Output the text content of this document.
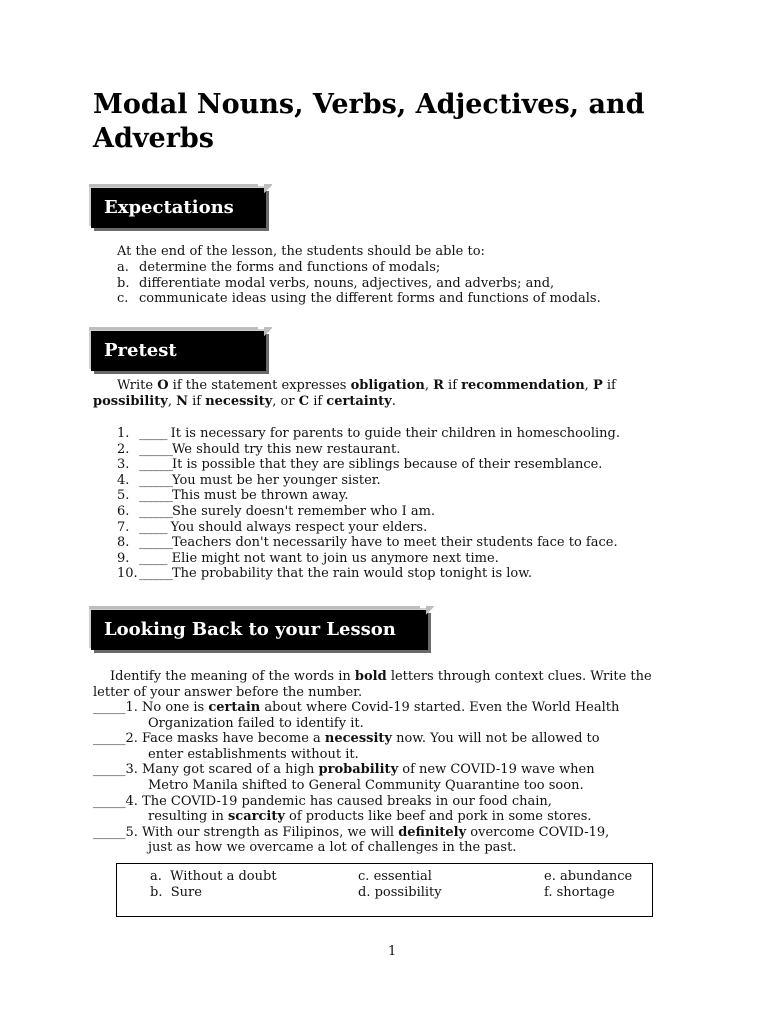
Modal Nouns, Verbs, Adjectives, and Adverbs
Expectations
At the end of the lesson, the students should be able to:
a. determine the forms and functions of modals;
b. differentiate modal verbs, nouns, adjectives, and adverbs; and,
c. communicate ideas using the different forms and functions of modals.
Pretest
Write O if the statement expresses obligation, R if recommendation, P if
possibility, N if necessity, or C if certainty.
1. _____ It is necessary for parents to guide their children in homeschooling.
2. ______We should try this new restaurant.
3. ______It is possible that they are siblings because of their resemblance.
4. ______You must be her younger sister.
5. ______This must be thrown away.
6. ______She surely doesn't remember who I am.
7. _____ You should always respect your elders.
8. ______Teachers don't necessarily have to meet their students face to face.
9. _____ Elie might not want to join us anymore next time.
10.______The probability that the rain would stop tonight is low.
Looking Back to your Lesson
Identify the meaning of the words in bold letters through context clues. Write the
letter of your answer before the number.
_____1. No one is certain about where Covid-19 started. Even the World Health
Organization failed to identify it.
_____2. Face masks have become a necessity now. You will not be allowed to
enter establishments without it.
_____3. Many got scared of a high probability of new COVID-19 wave when
Metro Manila shifted to General Community Quarantine too soon.
_____4. The COVID-19 pandemic has caused breaks in our food chain,
resulting in scarcity of products like beef and pork in some stores.
_____5. With our strength as Filipinos, we will definitely overcome COVID-19,
just as how we overcame a lot of challenges in the past.
a. Without a doubt
b. Sure
c. essential
d. possibility
e. abundance
f. shortage
1
